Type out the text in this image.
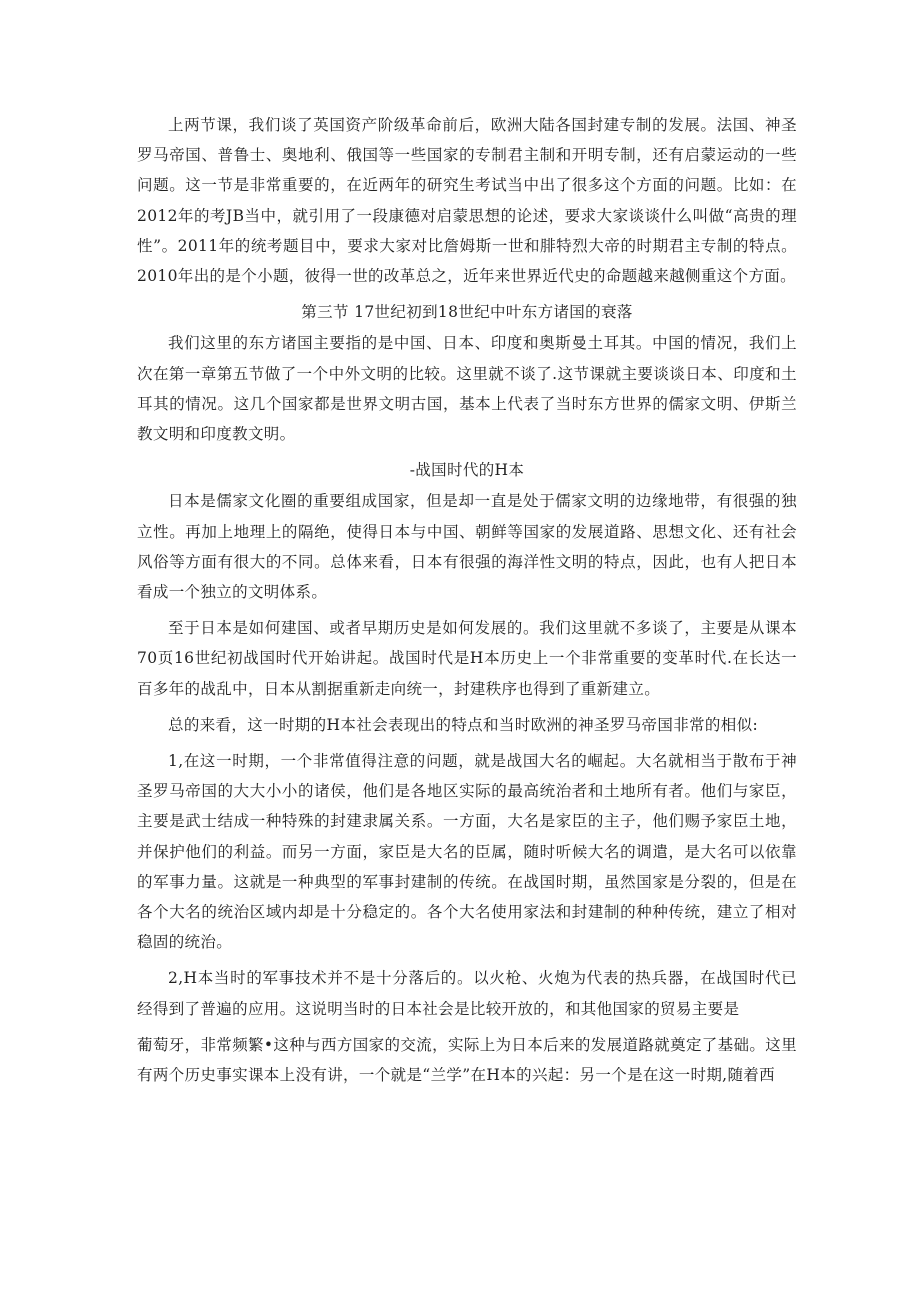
上两节课，我们谈了英国资产阶级革命前后，欧洲大陆各国封建专制的发展。法国、神圣罗马帝国、普鲁士、奥地利、俄国等一些国家的专制君主制和开明专制，还有启蒙运动的一些问题。这一节是非常重要的，在近两年的研究生考试当中出了很多这个方面的问题。比如：在2012年的考JB当中，就引用了一段康德对启蒙思想的论述，要求大家谈谈什么叫做“高贵的理性”。2011年的统考题目中，要求大家对比詹姆斯一世和腓特烈大帝的时期君主专制的特点。2010年出的是个小题，彼得一世的改革总之，近年来世界近代史的命题越来越侧重这个方面。

第三节 17世纪初到18世纪中叶东方诸国的衰落

我们这里的东方诸国主要指的是中国、日本、印度和奥斯曼土耳其。中国的情况，我们上次在第一章第五节做了一个中外文明的比较。这里就不谈了.这节课就主要谈谈日本、印度和土耳其的情况。这几个国家都是世界文明古国，基本上代表了当时东方世界的儒家文明、伊斯兰教文明和印度教文明。

-战国时代的H本

日本是儒家文化圈的重要组成国家，但是却一直是处于儒家文明的边缘地带，有很强的独立性。再加上地理上的隔绝，使得日本与中国、朝鲜等国家的发展道路、思想文化、还有社会风俗等方面有很大的不同。总体来看，日本有很强的海洋性文明的特点，因此，也有人把日本看成一个独立的文明体系。

至于日本是如何建国、或者早期历史是如何发展的。我们这里就不多谈了，主要是从课本70页16世纪初战国时代开始讲起。战国时代是H本历史上一个非常重要的变革时代.在长达一百多年的战乱中，日本从割据重新走向统一，封建秩序也得到了重新建立。

总的来看，这一时期的H本社会表现出的特点和当时欧洲的神圣罗马帝国非常的相似:

1,在这一时期，一个非常值得注意的问题，就是战国大名的崛起。大名就相当于散布于神圣罗马帝国的大大小小的诸侯，他们是各地区实际的最高统治者和土地所有者。他们与家臣，主要是武士结成一种特殊的封建隶属关系。一方面，大名是家臣的主子，他们赐予家臣土地，并保护他们的利益。而另一方面，家臣是大名的臣属，随时听候大名的调遣，是大名可以依靠的军事力量。这就是一种典型的军事封建制的传统。在战国时期，虽然国家是分裂的，但是在各个大名的统治区域内却是十分稳定的。各个大名使用家法和封建制的种种传统，建立了相对稳固的统治。

2,H本当时的军事技术并不是十分落后的。以火枪、火炮为代表的热兵器，在战国时代已经得到了普遍的应用。这说明当时的日本社会是比较开放的，和其他国家的贸易主要是

葡萄牙，非常频繁•这种与西方国家的交流，实际上为日本后来的发展道路就奠定了基础。这里有两个历史事实课本上没有讲，一个就是“兰学”在H本的兴起：另一个是在这一时期,随着西
